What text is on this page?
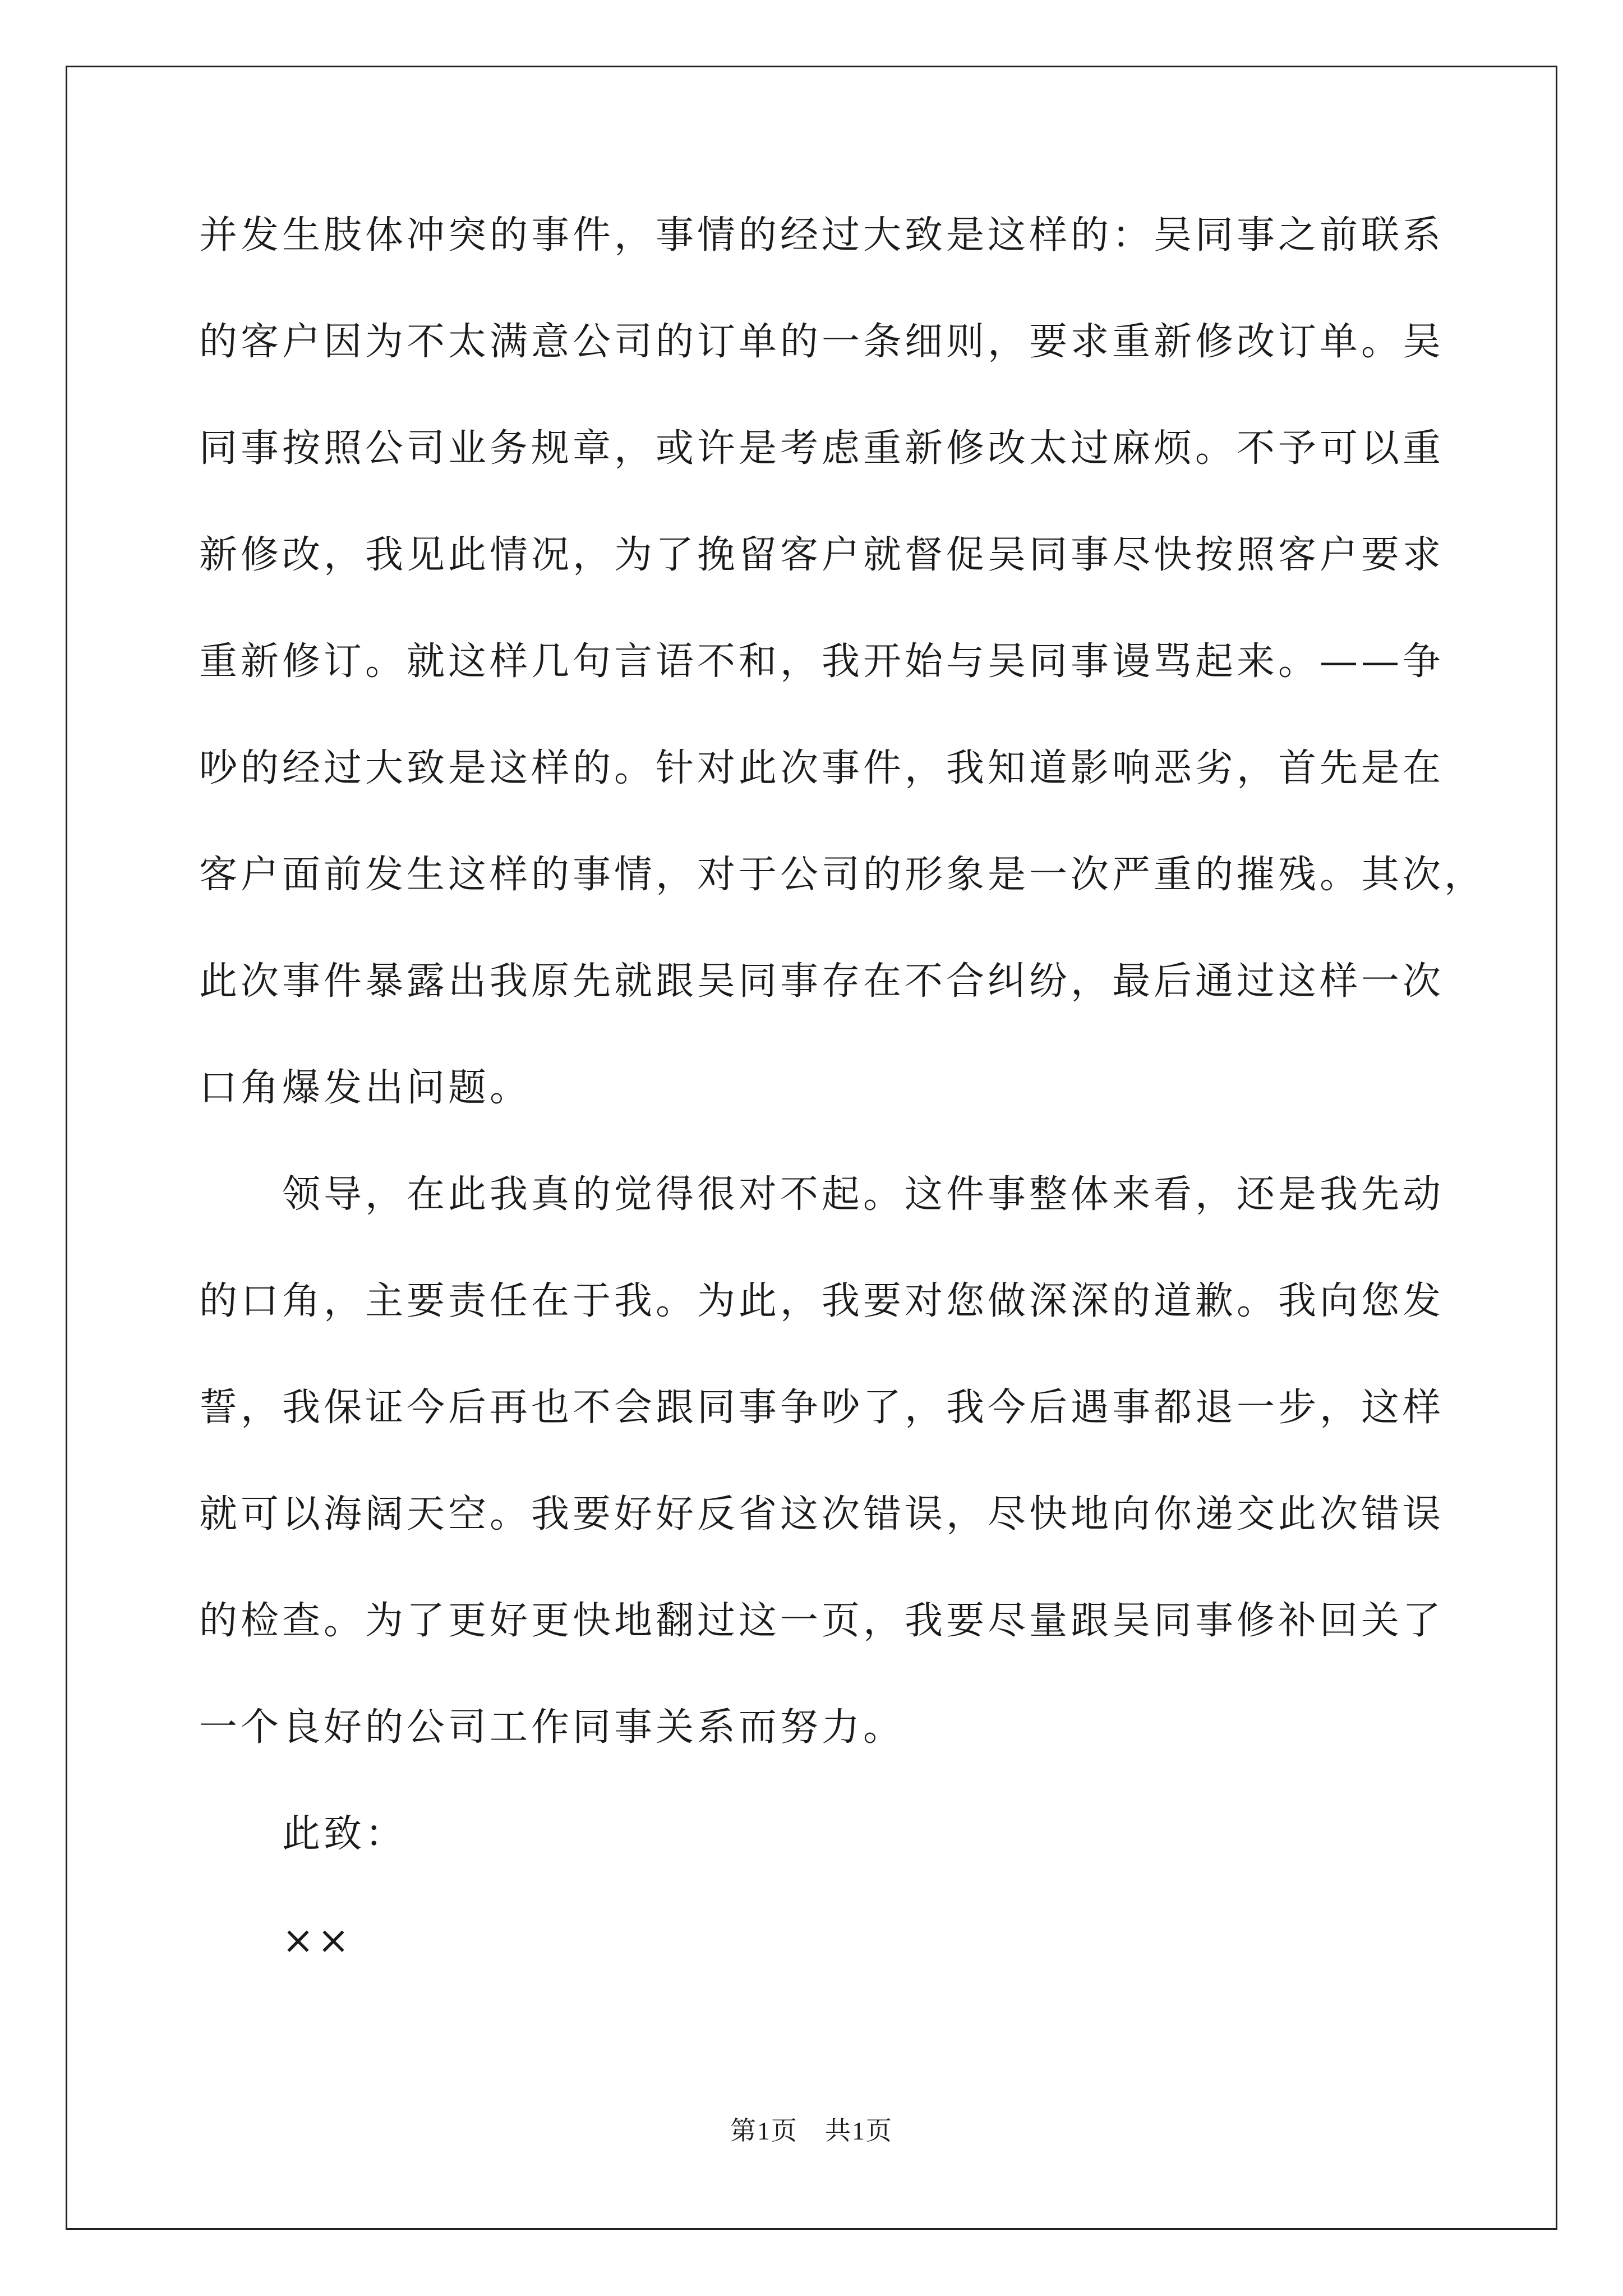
并发生肢体冲突的事件，事情的经过大致是这样的：吴同事之前联系
的客户因为不太满意公司的订单的一条细则，要求重新修改订单。吴
同事按照公司业务规章，或许是考虑重新修改太过麻烦。不予可以重
新修改，我见此情况，为了挽留客户就督促吴同事尽快按照客户要求
重新修订。就这样几句言语不和，我开始与吴同事谩骂起来。——争
吵的经过大致是这样的。针对此次事件，我知道影响恶劣，首先是在
客户面前发生这样的事情，对于公司的形象是一次严重的摧残。其次，
此次事件暴露出我原先就跟吴同事存在不合纠纷，最后通过这样一次
口角爆发出问题。
领导，在此我真的觉得很对不起。这件事整体来看，还是我先动
的口角，主要责任在于我。为此，我要对您做深深的道歉。我向您发
誓，我保证今后再也不会跟同事争吵了，我今后遇事都退一步，这样
就可以海阔天空。我要好好反省这次错误，尽快地向你递交此次错误
的检查。为了更好更快地翻过这一页，我要尽量跟吴同事修补回关了
一个良好的公司工作同事关系而努力。
此致：
××
第1页　共1页
